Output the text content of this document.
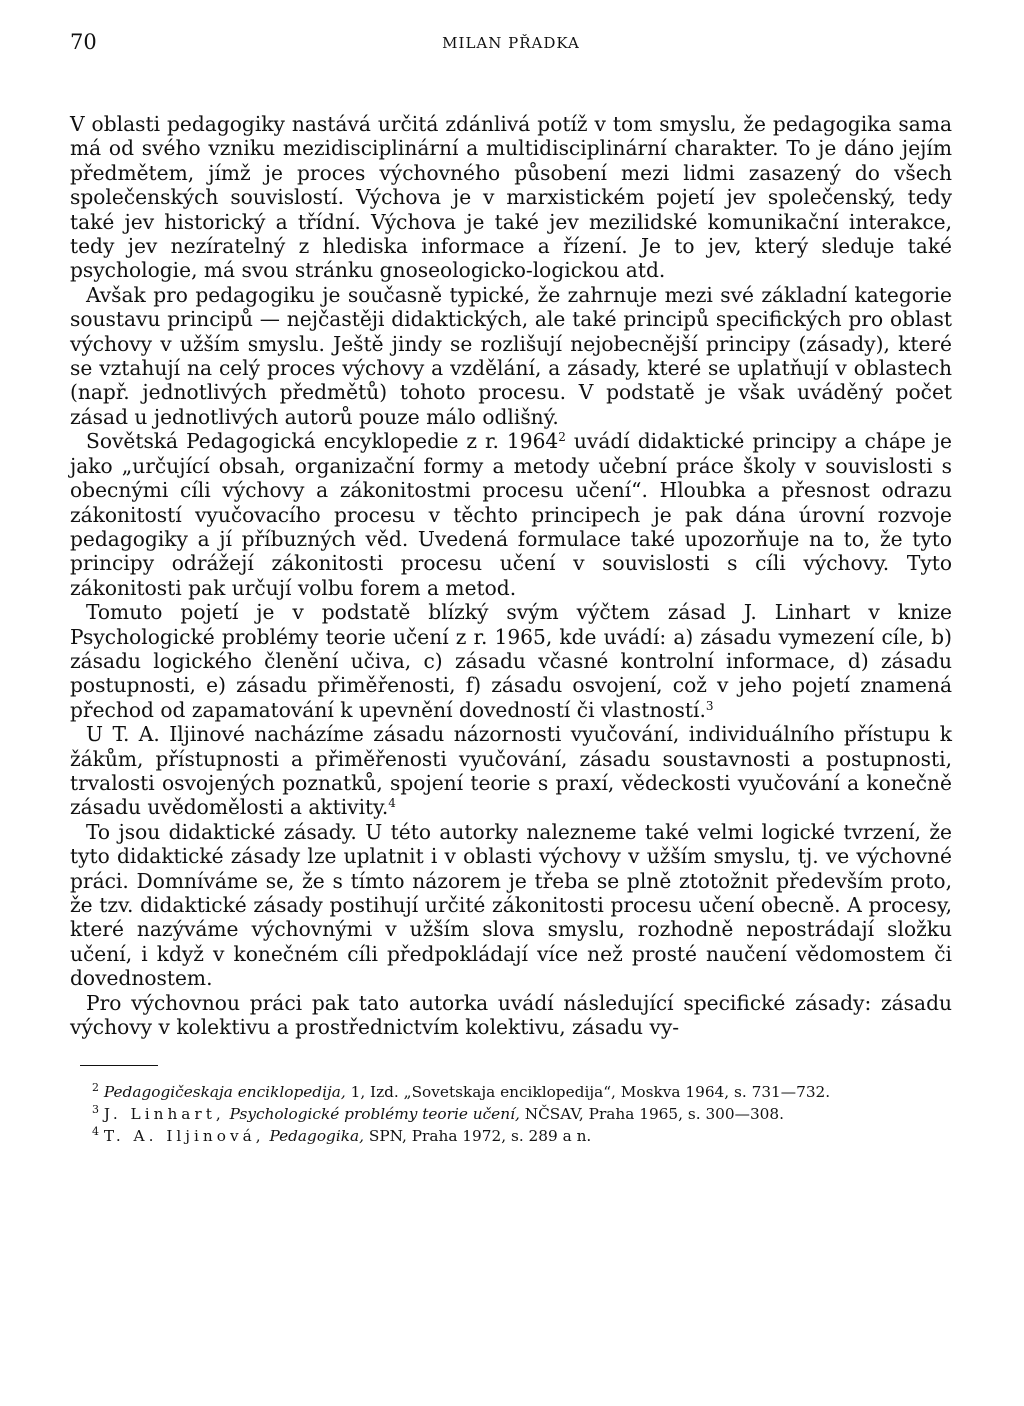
70	MILAN PŘADKA

V oblasti pedagogiky nastává určitá zdánlivá potíž v tom smyslu, že pedagogika sama má od svého vzniku mezidisciplinární a multidisciplinární charakter. To je dáno jejím předmětem, jímž je proces výchovného působení mezi lidmi zasazený do všech společenských souvislostí. Výchova je v marxistickém pojetí jev společenský, tedy také jev historický a třídní. Výchova je také jev mezilidské komunikační interakce, tedy jev nezíratelný z hlediska informace a řízení. Je to jev, který sleduje také psychologie, má svou stránku gnoseologicko-logickou atd.

Avšak pro pedagogiku je současně typické, že zahrnuje mezi své základní kategorie soustavu principů — nejčastěji didaktických, ale také principů specifických pro oblast výchovy v užším smyslu. Ještě jindy se rozlišují nejobecnější principy (zásady), které se vztahují na celý proces výchovy a vzdělání, a zásady, které se uplatňují v oblastech (např. jednotlivých předmětů) tohoto procesu. V podstatě je však uváděný počet zásad u jednotlivých autorů pouze málo odlišný.

Sovětská Pedagogická encyklopedie z r. 1964$^2$ uvádí didaktické principy a chápe je jako „určující obsah, organizační formy a metody učební práce školy v souvislosti s obecnými cíli výchovy a zákonitostmi procesu učení“. Hloubka a přesnost odrazu zákonitostí vyučovacího procesu v těchto principech je pak dána úrovní rozvoje pedagogiky a jí příbuzných věd. Uvedená formulace také upozorňuje na to, že tyto principy odrážejí zákonitosti procesu učení v souvislosti s cíli výchovy. Tyto zákonitosti pak určují volbu forem a metod.

Tomuto pojetí je v podstatě blízký svým výčtem zásad J. Linhart v knize Psychologické problémy teorie učení z r. 1965, kde uvádí: a) zásadu vymezení cíle, b) zásadu logického členění učiva, c) zásadu včasné kontrolní informace, d) zásadu postupnosti, e) zásadu přiměřenosti, f) zásadu osvojení, což v jeho pojetí znamená přechod od zapamatování k upevnění dovedností či vlastností.$^3$

U T. A. Iljinové nacházíme zásadu názornosti vyučování, individuálního přístupu k žákům, přístupnosti a přiměřenosti vyučování, zásadu soustavnosti a postupnosti, trvalosti osvojených poznatků, spojení teorie s praxí, vědeckosti vyučování a konečně zásadu uvědomělosti a aktivity.$^4$

To jsou didaktické zásady. U této autorky nalezneme také velmi logické tvrzení, že tyto didaktické zásady lze uplatnit i v oblasti výchovy v užším smyslu, tj. ve výchovné práci. Domníváme se, že s tímto názorem je třeba se plně ztotožnit především proto, že tzv. didaktické zásady postihují určité zákonitosti procesu učení obecně. A procesy, které nazýváme výchovnými v užším slova smyslu, rozhodně nepostrádají složku učení, i když v konečném cíli předpokládají více než prosté naučení vědomostem či dovednostem.

Pro výchovnou práci pak tato autorka uvádí následující specifické zásady: zásadu výchovy v kolektivu a prostřednictvím kolektivu, zásadu vy-

$^2$ Pedagogičeskaja enciklopedija, 1, Izd. „Sovetskaja enciklopedija“, Moskva 1964, s. 731—732.

$^3$ J. Linhart, Psychologické problémy teorie učení, NČSAV, Praha 1965, s. 300—308.

$^4$ T. A. Iljinová, Pedagogika, SPN, Praha 1972, s. 289 a n.
